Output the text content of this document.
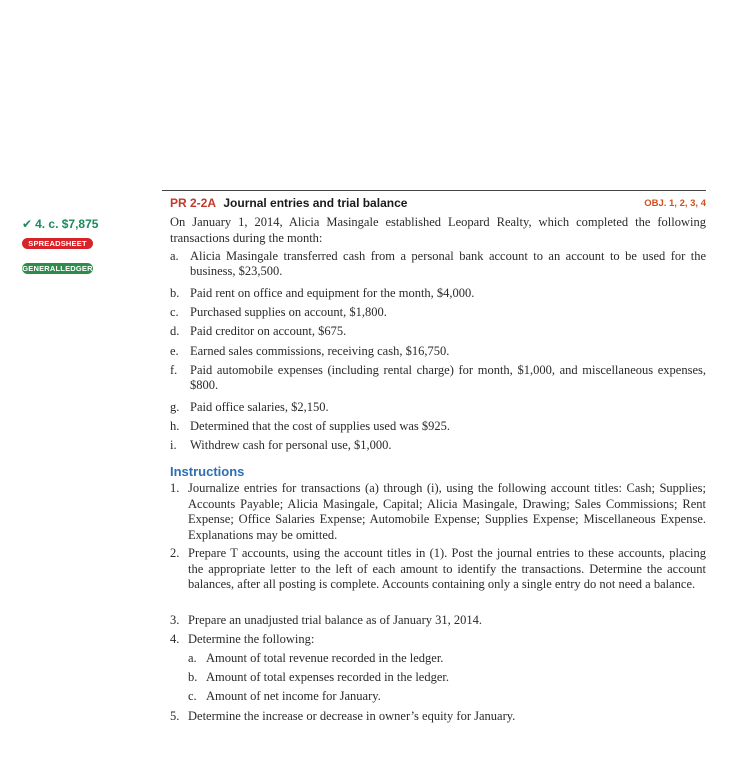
✔ 4. c. $7,875
SPREADSHEET
GENERALLEDGER
PR 2-2A Journal entries and trial balance	OBJ. 1, 2, 3, 4
On January 1, 2014, Alicia Masingale established Leopard Realty, which completed the following transactions during the month:
a. Alicia Masingale transferred cash from a personal bank account to an account to be used for the business, $23,500.
b. Paid rent on office and equipment for the month, $4,000.
c. Purchased supplies on account, $1,800.
d. Paid creditor on account, $675.
e. Earned sales commissions, receiving cash, $16,750.
f. Paid automobile expenses (including rental charge) for month, $1,000, and miscellaneous expenses, $800.
g. Paid office salaries, $2,150.
h. Determined that the cost of supplies used was $925.
i. Withdrew cash for personal use, $1,000.
Instructions
1. Journalize entries for transactions (a) through (i), using the following account titles: Cash; Supplies; Accounts Payable; Alicia Masingale, Capital; Alicia Masingale, Drawing; Sales Commissions; Rent Expense; Office Salaries Expense; Automobile Expense; Supplies Expense; Miscellaneous Expense. Explanations may be omitted.
2. Prepare T accounts, using the account titles in (1). Post the journal entries to these accounts, placing the appropriate letter to the left of each amount to identify the transactions. Determine the account balances, after all posting is complete. Accounts containing only a single entry do not need a balance.
3. Prepare an unadjusted trial balance as of January 31, 2014.
4. Determine the following:
a. Amount of total revenue recorded in the ledger.
b. Amount of total expenses recorded in the ledger.
c. Amount of net income for January.
5. Determine the increase or decrease in owner’s equity for January.
